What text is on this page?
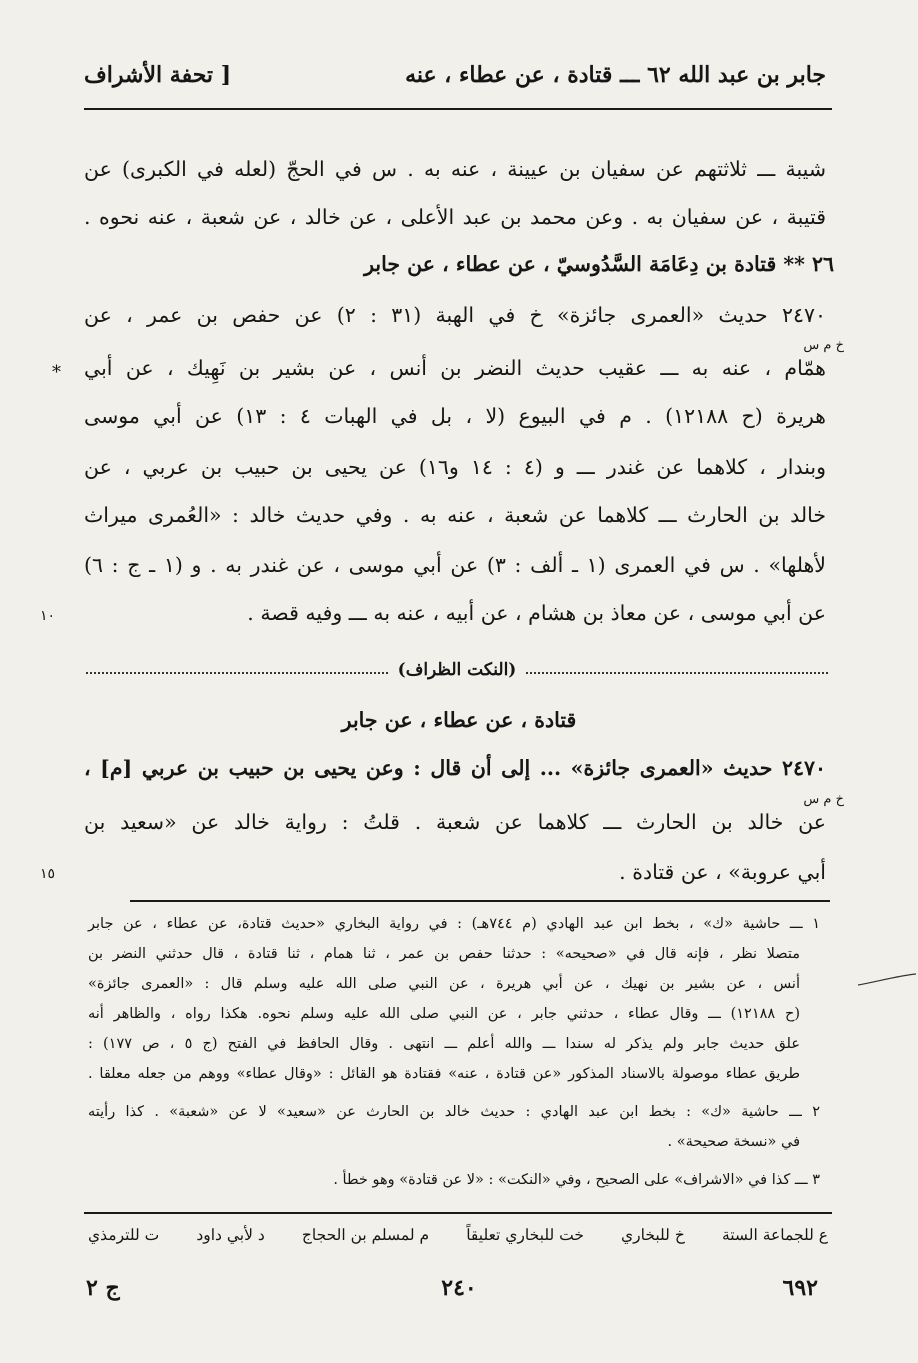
جابر بن عبد الله ٦٢ ـــ قتادة ، عن عطاء ، عنه
[ تحفة الأشراف
شيبة ـــ ثلاثتهم عن سفيان بن عيينة ، عنه به . س في الحجّ (لعله في الكبرى) عن
قتيبة ، عن سفيان به . وعن محمد بن عبد الأعلى ، عن خالد ، عن شعبة ، عنه نحوه .
٢٦ ** قتادة بن دِعَامَة السَّدُوسيّ ، عن عطاء ، عن جابر
٢٤٧٠ حديث «العمرى جائزة» خ في الهبة (٣١ : ٢) عن حفص بن عمر ، عن
خ م س
همّام ، عنه به ـــ عقيب حديث النضر بن أنس ، عن بشير بن نَهِيك ، عن أبي
*
هريرة (ح ١٢١٨٨) . م في البيوع (لا ، بل في الهبات ٤ : ١٣) عن أبي موسى
وبندار ، كلاهما عن غندر ـــ و (٤ : ١٤ و١٦) عن يحيى بن حبيب بن عربي ، عن
خالد بن الحارث ـــ كلاهما عن شعبة ، عنه به . وفي حديث خالد : «العُمرى ميراث
لأهلها» . س في العمرى (١ ـ ألف : ٣) عن أبي موسى ، عن غندر به . و (١ ـ ج : ٦)
عن أبي موسى ، عن معاذ بن هشام ، عن أبيه ، عنه به ـــ وفيه قصة .
١٠
(النكت الظراف)
قتادة ، عن عطاء ، عن جابر
٢٤٧٠ حديث «العمرى جائزة» ... إلى أن قال : وعن يحيى بن حبيب بن عربي [م] ،
خ م س
عن خالد بن الحارث ـــ كلاهما عن شعبة . قلتُ : رواية خالد عن «سعيد بن
أبي عروبة» ، عن قتادة .
١٥
١ ـــ حاشية «ك» ، بخط ابن عبد الهادي (م ٧٤٤هـ) : في رواية البخاري «حديث قتادة، عن عطاء ، عن جابر
متصلا نظر ، فإنه قال في «صحيحه» : حدثنا حفص بن عمر ، ثنا همام ، ثنا قتادة ، قال حدثني النضر بن
أنس ، عن بشير بن نهيك ، عن أبي هريرة ، عن النبي صلى الله عليه وسلم قال : «العمرى جائزة»
(ح ١٢١٨٨) ـــ وقال عطاء ، حدثني جابر ، عن النبي صلى الله عليه وسلم نحوه. هكذا رواه ، والظاهر أنه
علق حديث جابر ولم يذكر له سندا ـــ والله أعلم ـــ انتهى . وقال الحافظ في الفتح (ج ٥ ، ص ١٧٧) :
طريق عطاء موصولة بالاسناد المذكور «عن قتادة ، عنه» فقتادة هو القائل : «وقال عطاء» ووهم من جعله معلقا .
٢ ـــ حاشية «ك» : بخط ابن عبد الهادي : حديث خالد بن الحارث عن «سعيد» لا عن «شعبة» . كذا رأيته
في «نسخة صحيحة» .
٣ ـــ كذا في «الاشراف» على الصحيح ، وفي «النكت» : «لا عن قتادة» وهو خطأ .
ع للجماعة الستة
خ للبخاري
خت للبخاري تعليقاً
م لمسلم بن الحجاج
د لأبي داود
ت للترمذي
٦٩٢
٢٤٠
ج ٢
